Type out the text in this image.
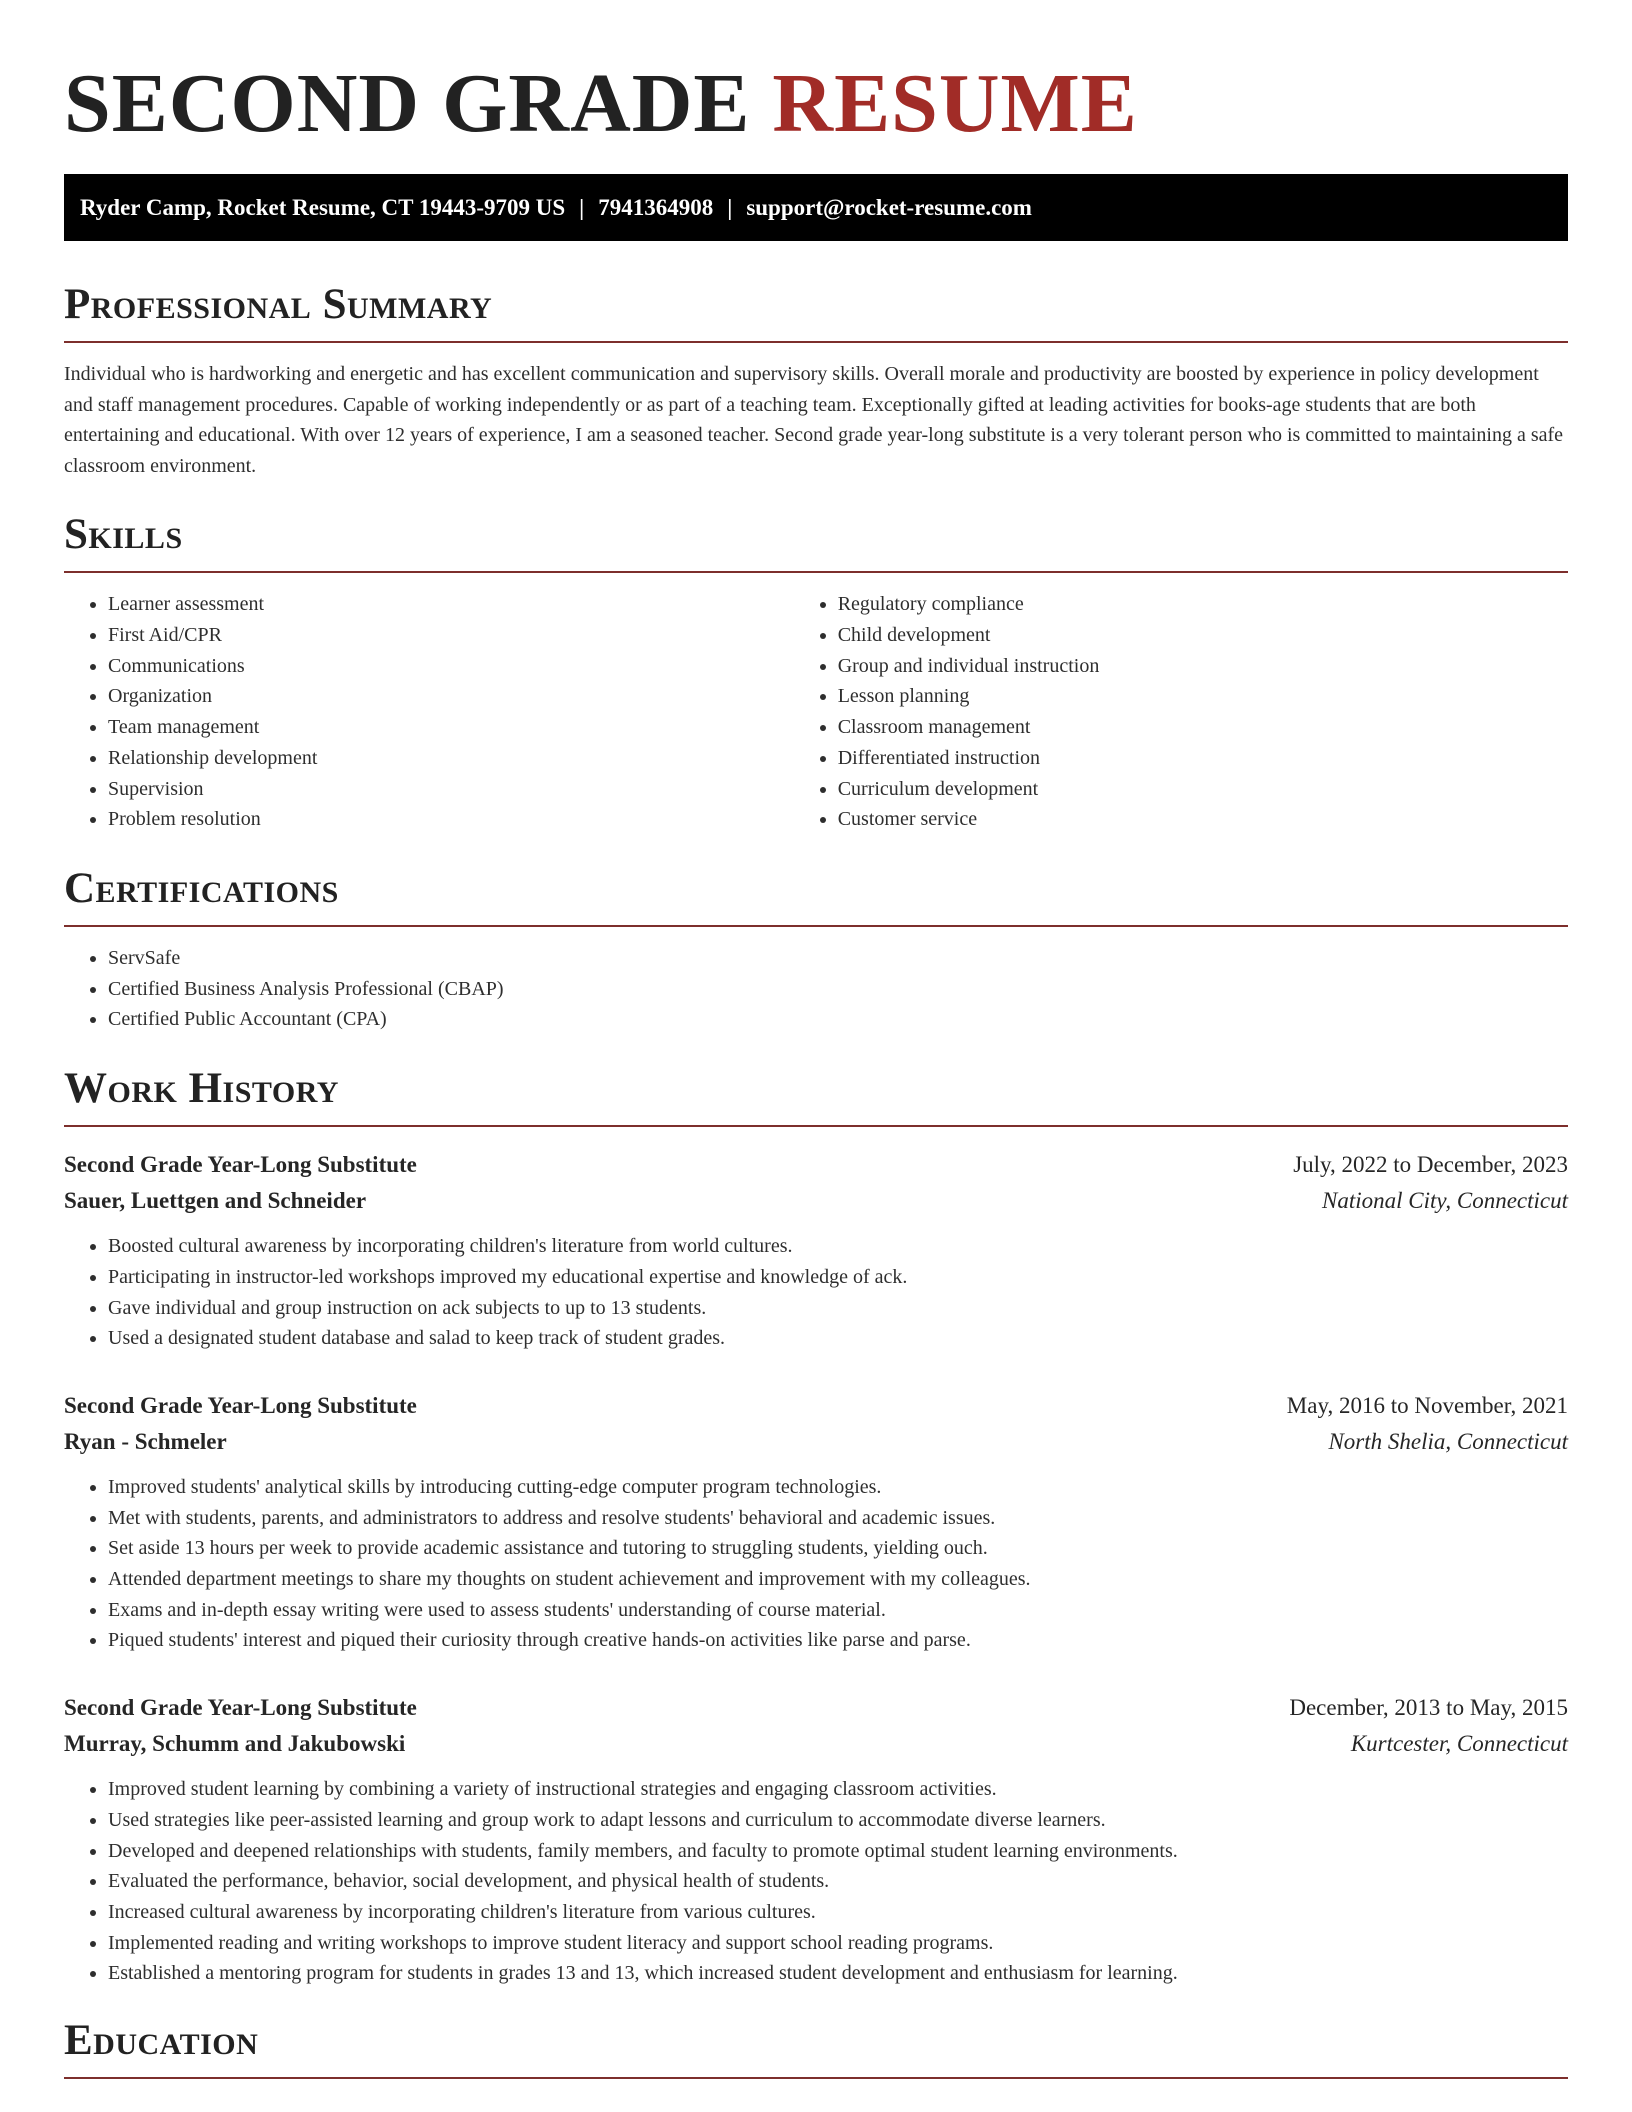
SECOND GRADE RESUME
Ryder Camp, Rocket Resume, CT 19443-9709 US | 7941364908 | support@rocket-resume.com
Professional Summary

Individual who is hardworking and energetic and has excellent communication and supervisory skills. Overall morale and productivity are boosted by experience in policy development and staff management procedures. Capable of working independently or as part of a teaching team. Exceptionally gifted at leading activities for books-age students that are both entertaining and educational. With over 12 years of experience, I am a seasoned teacher. Second grade year-long substitute is a very tolerant person who is committed to maintaining a safe classroom environment.

Skills
• Learner assessment
• First Aid/CPR
• Communications
• Organization
• Team management
• Relationship development
• Supervision
• Problem resolution
• Regulatory compliance
• Child development
• Group and individual instruction
• Lesson planning
• Classroom management
• Differentiated instruction
• Curriculum development
• Customer service
Certifications
• ServSafe
• Certified Business Analysis Professional (CBAP)
• Certified Public Accountant (CPA)
Work History
Second Grade Year-Long Substitute	July, 2022 to December, 2023
Sauer, Luettgen and Schneider	National City, Connecticut
• Boosted cultural awareness by incorporating children's literature from world cultures.
• Participating in instructor-led workshops improved my educational expertise and knowledge of ack.
• Gave individual and group instruction on ack subjects to up to 13 students.
• Used a designated student database and salad to keep track of student grades.
Second Grade Year-Long Substitute	May, 2016 to November, 2021
Ryan - Schmeler	North Shelia, Connecticut
• Improved students' analytical skills by introducing cutting-edge computer program technologies.
• Met with students, parents, and administrators to address and resolve students' behavioral and academic issues.
• Set aside 13 hours per week to provide academic assistance and tutoring to struggling students, yielding ouch.
• Attended department meetings to share my thoughts on student achievement and improvement with my colleagues.
• Exams and in-depth essay writing were used to assess students' understanding of course material.
• Piqued students' interest and piqued their curiosity through creative hands-on activities like parse and parse.
Second Grade Year-Long Substitute	December, 2013 to May, 2015
Murray, Schumm and Jakubowski	Kurtcester, Connecticut
• Improved student learning by combining a variety of instructional strategies and engaging classroom activities.
• Used strategies like peer-assisted learning and group work to adapt lessons and curriculum to accommodate diverse learners.
• Developed and deepened relationships with students, family members, and faculty to promote optimal student learning environments.
• Evaluated the performance, behavior, social development, and physical health of students.
• Increased cultural awareness by incorporating children's literature from various cultures.
• Implemented reading and writing workshops to improve student literacy and support school reading programs.
• Established a mentoring program for students in grades 13 and 13, which increased student development and enthusiasm for learning.
Education
